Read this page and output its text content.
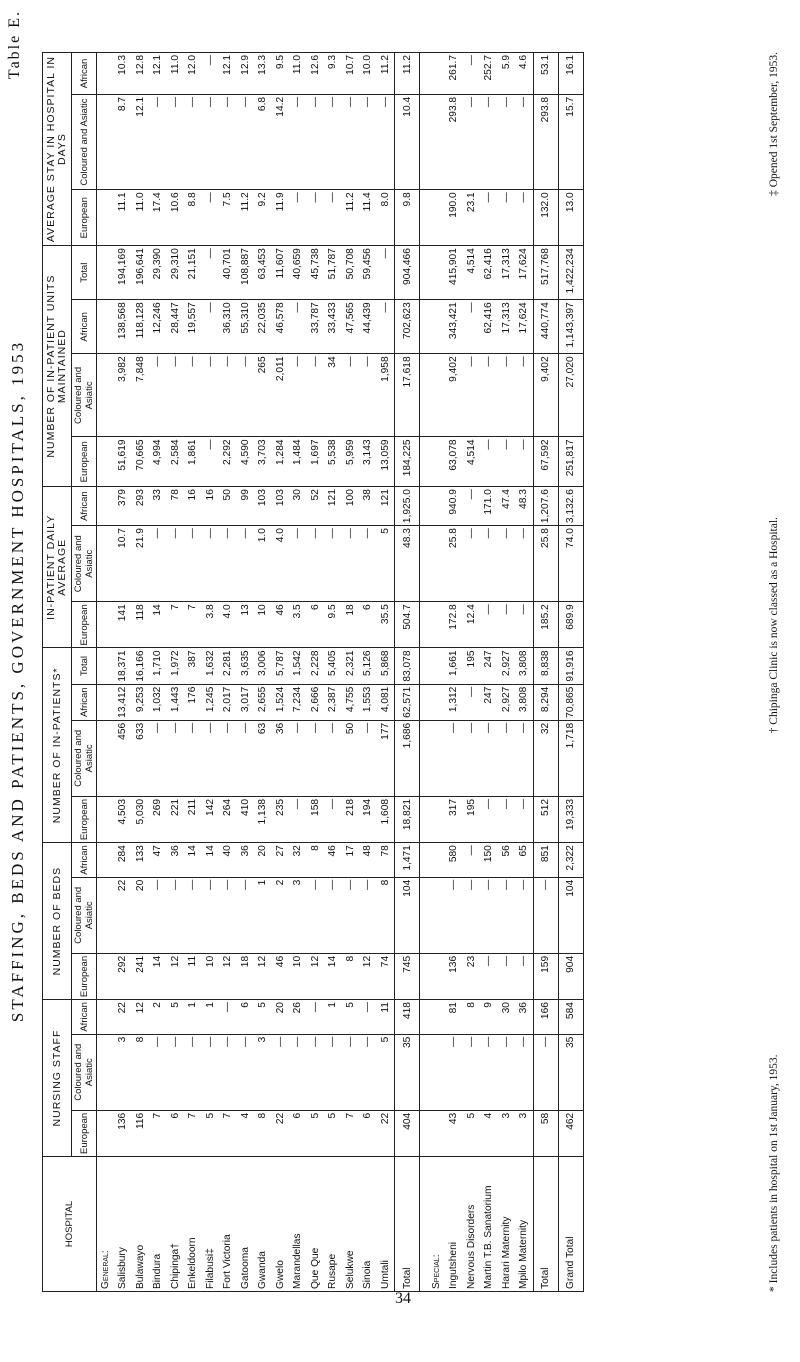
STAFFING, BEDS AND PATIENTS, GOVERNMENT HOSPITALS, 1953
Table E.
HOSPITAL	NURSING STAFF			NUMBER OF BEDS			NUMBER OF IN-PATIENTS*				IN-PATIENT DAILY AVERAGE			NUMBER OF IN-PATIENT UNITS MAINTAINED				AVERAGE STAY IN HOSPITAL IN DAYS		
	European	Coloured and Asiatic	African	European	Coloured and Asiatic	African	European	Coloured and Asiatic	African	Total	European	Coloured and Asiatic	African	European	Coloured and Asiatic	African	Total	European	Coloured and Asiatic	African
General:																				
Salisbury	136	3	22	292	22	284	4,503	456	13,412	18,371	141	10.7	379	51,619	3,982	138,568	194,169	11.1	8.7	10.3
Bulawayo	116	8	12	241	20	133	5,030	633	9,253	16,166	118	21.9	293	70,665	7,848	118,128	196,641	11.0	12.1	12.8
Bindura	7	—	2	14	—	47	269	—	1,032	1,710	14	—	33	4,994	—	12,246	29,390	17.4	—	12.1
Chipinga†	6	—	5	12	—	36	221	—	1,443	1,972	7	—	78	2,584	—	28,447	29,310	10.6	—	11.0
Enkeldoorn	7	—	1	11	—	14	211	—	176	387	7	—	16	1,861	—	19,557	21,151	8.8	—	12.0
Filabusi‡	5	—	1	10	—	14	142	—	1,245	1,632	3.8	—	16	—	—	—	—	—	—	—
Fort Victoria	7	—	—	12	—	40	264	—	2,017	2,281	4.0	—	50	2,292	—	36,310	40,701	7.5	—	12.1
Gatooma	4	—	6	18	—	36	410	—	3,017	3,635	13	—	99	4,590	—	55,310	108,887	11.2	—	12.9
Gwanda	8	3	5	12	1	20	1,138	63	2,655	3,006	10	1.0	103	3,703	265	22,035	63,453	9.2	6.8	13.3
Gwelo	22	—	20	46	2	27	235	36	1,524	5,787	46	4.0	103	1,284	2,011	46,578	11,607	11.9	14.2	9.5
Marandellas	6	—	26	10	3	32	—	—	7,234	1,542	3.5	—	30	1,484	—	—	40,659	—	—	11.0
Que Que	5	—	—	12	—	8	158	—	2,666	2,228	6	—	52	1,697	—	33,787	45,738	—	—	12.6
Rusape	5	—	1	14	—	46	—	—	2,387	5,405	9.5	—	121	5,538	34	33,433	51,787	—	—	9.3
Selukwe	7	—	5	8	—	17	218	50	4,755	2,321	18	—	100	5,959	—	47,565	50,708	11.2	—	10.7
Sinoia	6	—	—	12	—	48	194	—	1,553	5,126	6	—	38	3,143	—	44,439	59,456	11.4	—	10.0
Umtali	22	5	11	74	8	78	1,608	177	4,081	5,868	35.5	5	121	13,059	1,958	—	—	8.0	—	11.2
Total	404	35	418	745	104	1,471	18,821	1,686	62,571	83,078	504.7	48.3	1,925.0	184,225	17,618	702,623	904,466	9.8	10.4	11.2

Special:																				
Ingutsheni	43	—	81	136	—	580	317	—	1,312	1,661	172.8	25.8	940.9	63,078	9,402	343,421	415,901	190.0	293.8	261.7
Nervous Disorders	5	—	8	23	—	—	195	—	—	195	12.4	—	—	4,514	—	—	4,514	23.1	—	—
Martin T.B. Sanatorium	4	—	9	—	—	150	—	—	247	247	—	—	171.0	—	—	62,416	62,416	—	—	252.7
Harari Maternity	3	—	30	—	—	56	—	—	2,927	2,927	—	—	47.4	—	—	17,313	17,313	—	—	5.9
Mpilo Maternity	3	—	36	—	—	65	—	—	3,808	3,808	—	—	48.3	—	—	17,624	17,624	—	—	4.6
Total	58	—	166	159	—	851	512	32	8,294	8,838	185.2	25.8	1,207.6	67,592	9,402	440,774	517,768	132.0	293.8	53.1
Grand Total	462	35	584	904	104	2,322	19,333	1,718	70,865	91,916	689.9	74.0	3,132.6	251,817	27,020	1,143,397	1,422,234	13.0	15.7	16.1
* Includes patients in hospital on 1st January, 1953.
† Chipinga Clinic is now classed as a Hospital.
‡ Opened 1st September, 1953.
34
